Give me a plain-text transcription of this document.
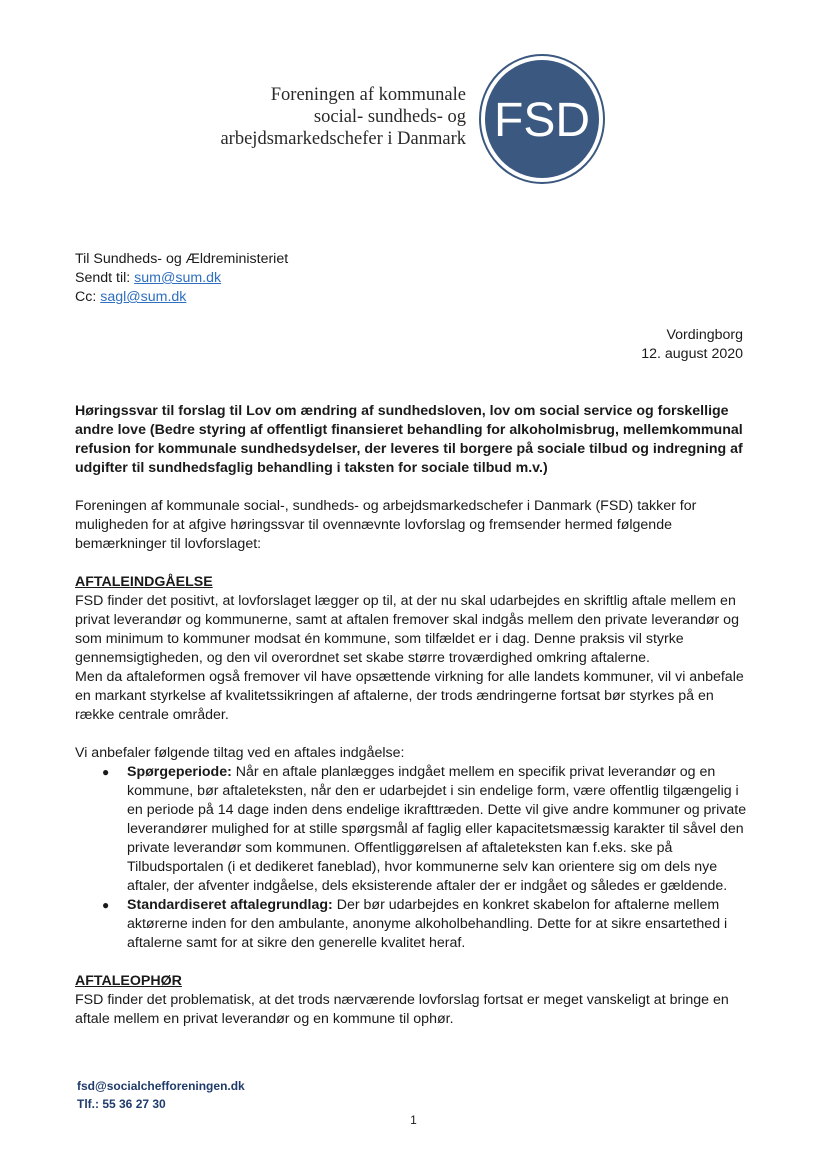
Foreningen af kommunale
social- sundheds- og
arbejdsmarkedschefer i Danmark FSD
Til Sundheds- og Ældreministeriet
Sendt til: sum@sum.dk
Cc: sagl@sum.dk
Vordingborg
12. august 2020

Høringssvar til forslag til Lov om ændring af sundhedsloven, lov om social service og forskellige andre love (Bedre styring af offentligt finansieret behandling for alkoholmisbrug, mellemkommunal refusion for kommunale sundhedsydelser, der leveres til borgere på sociale tilbud og indregning af udgifter til sundhedsfaglig behandling i taksten for sociale tilbud m.v.)

Foreningen af kommunale social-, sundheds- og arbejdsmarkedschefer i Danmark (FSD) takker for muligheden for at afgive høringssvar til ovennævnte lovforslag og fremsender hermed følgende bemærkninger til lovforslaget:

AFTALEINDGÅELSE

FSD finder det positivt, at lovforslaget lægger op til, at der nu skal udarbejdes en skriftlig aftale mellem en privat leverandør og kommunerne, samt at aftalen fremover skal indgås mellem den private leverandør og som minimum to kommuner modsat én kommune, som tilfældet er i dag. Denne praksis vil styrke gennemsigtigheden, og den vil overordnet set skabe større troværdighed omkring aftalerne.

Men da aftaleformen også fremover vil have opsættende virkning for alle landets kommuner, vil vi anbefale en markant styrkelse af kvalitetssikringen af aftalerne, der trods ændringerne fortsat bør styrkes på en række centrale områder.

Vi anbefaler følgende tiltag ved en aftales indgåelse:

● Spørgeperiode: Når en aftale planlægges indgået mellem en specifik privat leverandør og en kommune, bør aftaleteksten, når den er udarbejdet i sin endelige form, være offentlig tilgængelig i en periode på 14 dage inden dens endelige ikrafttræden. Dette vil give andre kommuner og private leverandører mulighed for at stille spørgsmål af faglig eller kapacitetsmæssig karakter til såvel den private leverandør som kommunen. Offentliggørelsen af aftaleteksten kan f.eks. ske på Tilbudsportalen (i et dedikeret faneblad), hvor kommunerne selv kan orientere sig om dels nye aftaler, der afventer indgåelse, dels eksisterende aftaler der er indgået og således er gældende.
● Standardiseret aftalegrundlag: Der bør udarbejdes en konkret skabelon for aftalerne mellem aktørerne inden for den ambulante, anonyme alkoholbehandling. Dette for at sikre ensartethed i aftalerne samt for at sikre den generelle kvalitet heraf.
AFTALEOPHØR

FSD finder det problematisk, at det trods nærværende lovforslag fortsat er meget vanskeligt at bringe en aftale mellem en privat leverandør og en kommune til ophør.

fsd@socialchefforeningen.dk
Tlf.: 55 36 27 30
1
